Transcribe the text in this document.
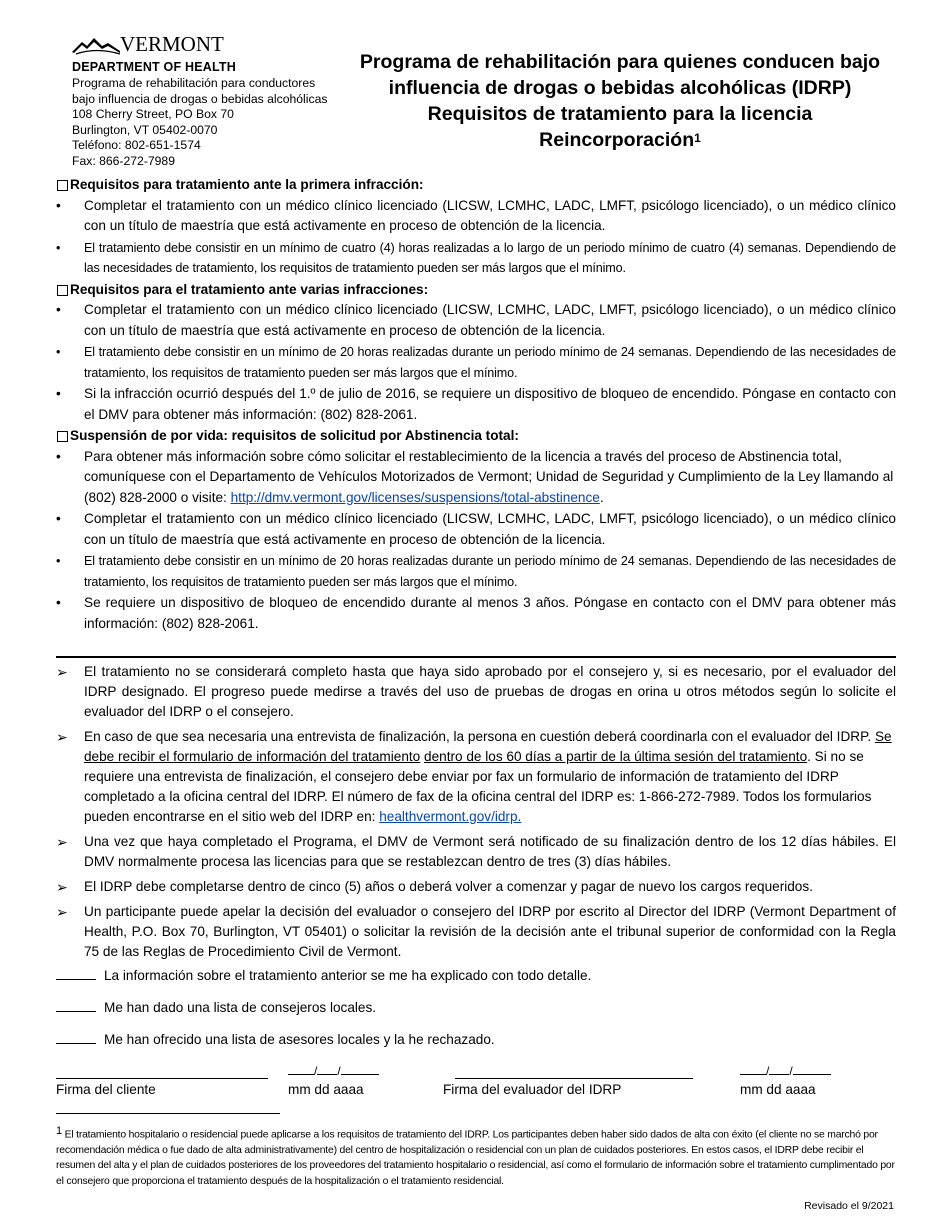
VERMONT
DEPARTMENT OF HEALTH
Programa de rehabilitación para conductores
bajo influencia de drogas o bebidas alcohólicas
108 Cherry Street, PO Box 70
Burlington, VT 05402-0070
Teléfono: 802-651-1574
Fax: 866-272-7989
Programa de rehabilitación para quienes conducen bajo
influencia de drogas o bebidas alcohólicas (IDRP)
Requisitos de tratamiento para la licencia
Reincorporación$^1$
Requisitos para tratamiento ante la primera infracción:
• Completar el tratamiento con un médico clínico licenciado (LICSW, LCMHC, LADC, LMFT, psicólogo licenciado), o un médico clínico con un título de maestría que está activamente en proceso de obtención de la licencia.
• El tratamiento debe consistir en un mínimo de cuatro (4) horas realizadas a lo largo de un periodo mínimo de cuatro (4) semanas. Dependiendo de las necesidades de tratamiento, los requisitos de tratamiento pueden ser más largos que el mínimo.
Requisitos para el tratamiento ante varias infracciones:
• Completar el tratamiento con un médico clínico licenciado (LICSW, LCMHC, LADC, LMFT, psicólogo licenciado), o un médico clínico con un título de maestría que está activamente en proceso de obtención de la licencia.
• El tratamiento debe consistir en un mínimo de 20 horas realizadas durante un periodo mínimo de 24 semanas. Dependiendo de las necesidades de tratamiento, los requisitos de tratamiento pueden ser más largos que el mínimo.
• Si la infracción ocurrió después del 1.º de julio de 2016, se requiere un dispositivo de bloqueo de encendido. Póngase en contacto con el DMV para obtener más información: (802) 828-2061.
Suspensión de por vida: requisitos de solicitud por Abstinencia total:
• Para obtener más información sobre cómo solicitar el restablecimiento de la licencia a través del proceso de Abstinencia total, comuníquese con el Departamento de Vehículos Motorizados de Vermont; Unidad de Seguridad y Cumplimiento de la Ley llamando al (802) 828-2000 o visite: http://dmv.vermont.gov/licenses/suspensions/total-abstinence.
• Completar el tratamiento con un médico clínico licenciado (LICSW, LCMHC, LADC, LMFT, psicólogo licenciado), o un médico clínico con un título de maestría que está activamente en proceso de obtención de la licencia.
• El tratamiento debe consistir en un mínimo de 20 horas realizadas durante un periodo mínimo de 24 semanas. Dependiendo de las necesidades de tratamiento, los requisitos de tratamiento pueden ser más largos que el mínimo.
• Se requiere un dispositivo de bloqueo de encendido durante al menos 3 años. Póngase en contacto con el DMV para obtener más información: (802) 828-2061.
➢ El tratamiento no se considerará completo hasta que haya sido aprobado por el consejero y, si es necesario, por el evaluador del IDRP designado. El progreso puede medirse a través del uso de pruebas de drogas en orina u otros métodos según lo solicite el evaluador del IDRP o el consejero.
➢ En caso de que sea necesaria una entrevista de finalización, la persona en cuestión deberá coordinarla con el evaluador del IDRP. Se debe recibir el formulario de información del tratamiento dentro de los 60 días a partir de la última sesión del tratamiento. Si no se requiere una entrevista de finalización, el consejero debe enviar por fax un formulario de información de tratamiento del IDRP completado a la oficina central del IDRP. El número de fax de la oficina central del IDRP es: 1-866-272-7989. Todos los formularios pueden encontrarse en el sitio web del IDRP en: healthvermont.gov/idrp.
➢ Una vez que haya completado el Programa, el DMV de Vermont será notificado de su finalización dentro de los 12 días hábiles. El DMV normalmente procesa las licencias para que se restablezcan dentro de tres (3) días hábiles.
➢ El IDRP debe completarse dentro de cinco (5) años o deberá volver a comenzar y pagar de nuevo los cargos requeridos.
➢ Un participante puede apelar la decisión del evaluador o consejero del IDRP por escrito al Director del IDRP (Vermont Department of Health, P.O. Box 70, Burlington, VT 05401) o solicitar la revisión de la decisión ante el tribunal superior de conformidad con la Regla 75 de las Reglas de Procedimiento Civil de Vermont.
La información sobre el tratamiento anterior se me ha explicado con todo detalle.
Me han dado una lista de consejeros locales.
Me han ofrecido una lista de asesores locales y la he rechazado.
/ /
Firma del cliente	mm dd aaaa
/ /
Firma del evaluador del IDRP	mm dd aaaa
$^1$ El tratamiento hospitalario o residencial puede aplicarse a los requisitos de tratamiento del IDRP. Los participantes deben haber sido dados de alta con éxito (el cliente no se marchó por recomendación médica o fue dado de alta administrativamente) del centro de hospitalización o residencial con un plan de cuidados posteriores. En estos casos, el IDRP debe recibir el resumen del alta y el plan de cuidados posteriores de los proveedores del tratamiento hospitalario o residencial, así como el formulario de información sobre el tratamiento cumplimentado por el consejero que proporciona el tratamiento después de la hospitalización o el tratamiento residencial.
Revisado el 9/2021
